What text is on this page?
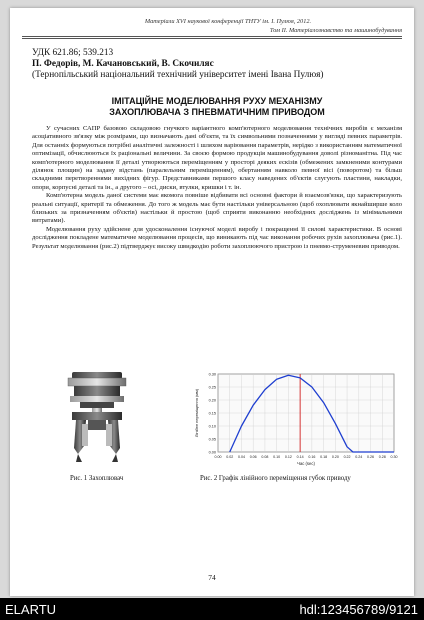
Матеріали XVI наукової конференції ТНТУ ім. І. Пулюя, 2012.
Том ІІ. Матеріалознавство та машинобудування
УДК 621.86; 539.213
П. Федорів, М. Качановський, В. Скочиляс
(Тернопільський національний технічний університет імені Івана Пулюя)
ІМІТАЦІЙНЕ МОДЕЛЮВАННЯ РУХУ МЕХАНІЗМУ
ЗАХОПЛЮВАЧА З ПНЕВМАТИЧНИМ ПРИВОДОМ

У сучасних САПР базовою складовою гнучкого варіантного комп'ютерного моделювання технічних виробів є механізм асоціативного зв'язку між розмірами, що визначають дані об'єкти, та їх символьними позначеннями у вигляді певних параметрів. Для останніх формуються потрібні аналітичні залежності і шляхом варіювання параметрів, нерідко з використанням математичної оптимізації, обчислюються їх раціональні величини. За своєю формою продукція машинобудування доволі різноманітна. Під час комп'ютерного моделювання її деталі утворюються переміщенням у просторі деяких ескізів (обмежених замкненими контурами ділянок площин) на задану відстань (паралельним переміщенням), обертанням навколо певної вісі (поворотом) та більш складними перетвореннями вихідних фігур. Представниками першого класу наведених об'єктів слугують пластини, накладки, опори, корпусні деталі та ін., а другого – осі, диски, втулки, кришки і т. ін.

Комп'ютерна модель даної системи має якомога повніше відбивати всі основні фактори й взаємозв'язки, що характеризують реальні ситуації, критерії та обмеження. До того ж модель має бути настільки універсальною (щоб охоплювати якнайширше коло близьких за призначенням об'єктів) настільки й простою (щоб сприяти виконанню необхідних досліджень із мінімальними витратами).

Моделювання руху здійснене для удосконалення існуючої моделі виробу і покращенні її силові характеристики. В основі дослідження покладене математичне моделювання процесів, що виникають під час виконання робочих рухів захоплювача (рис.1). Результат моделювання (рис.2) підтверджує високу швидкодію роботи захоплюючого пристрою із пневмо-струменевим приводом.

0.00 0.02 0.04 0.06 0.08 0.10 0.12 0.14 0.16 0.18 0.20 0.22 0.24 0.26 0.28 0.30
0.00
0.05
0.10
0.15
0.20
0.25
0.30
Час (sec)
Лінійне переміщення (мм)
Рис. 1 Захоплювач	Рис. 2 Графік лінійного переміщення губок приводу
74
ELARTU	hdl:123456789/9121
